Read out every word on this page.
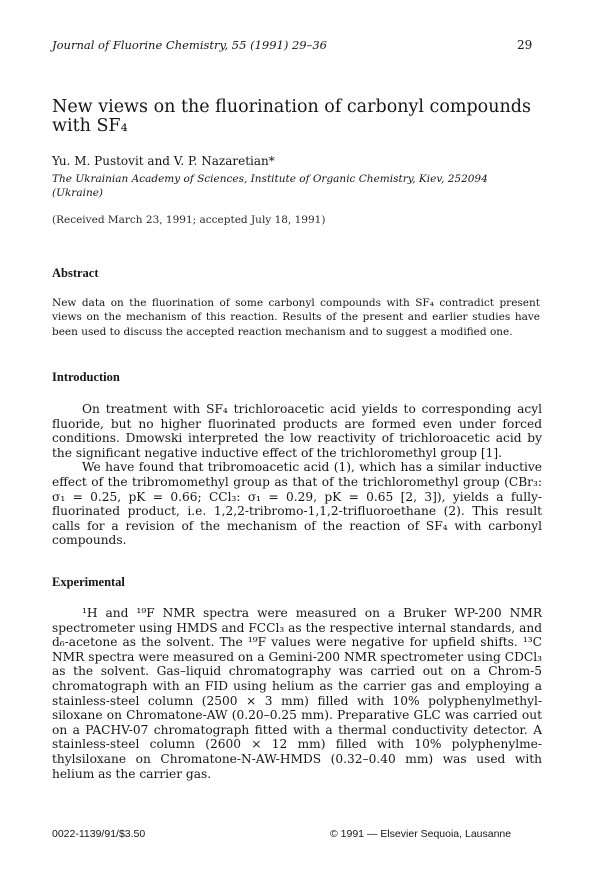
Journal of Fluorine Chemistry, 55 (1991) 29–36	29
New views on the fluorination of carbonyl compounds with SF₄
Yu. M. Pustovit and V. P. Nazaretian*
The Ukrainian Academy of Sciences, Institute of Organic Chemistry, Kiev, 252094 (Ukraine)
(Received March 23, 1991; accepted July 18, 1991)
Abstract
New data on the fluorination of some carbonyl compounds with SF₄ contradict present views on the mechanism of this reaction. Results of the present and earlier studies have been used to discuss the accepted reaction mechanism and to suggest a modified one.
Introduction

On treatment with SF₄ trichloroacetic acid yields to corresponding acyl fluoride, but no higher fluorinated products are formed even under forced conditions. Dmowski interpreted the low reactivity of trichloroacetic acid by the significant negative inductive effect of the trichloromethyl group [1].

We have found that tribromoacetic acid (1), which has a similar inductive effect of the tribromomethyl group as that of the trichloromethyl group (CBr₃: σ₁ = 0.25, pK = 0.66; CCl₃: σ₁ = 0.29, pK = 0.65 [2, 3]), yields a fully-fluorinated product, i.e. 1,2,2-tribromo-1,1,2-trifluoroethane (2). This result calls for a revision of the mechanism of the reaction of SF₄ with carbonyl compounds.

Experimental

¹H and ¹⁹F NMR spectra were measured on a Bruker WP-200 NMR spectrometer using HMDS and FCCl₃ as the respective internal standards, and d₆-acetone as the solvent. The ¹⁹F values were negative for upfield shifts. ¹³C NMR spectra were measured on a Gemini-200 NMR spectrometer using CDCl₃ as the solvent. Gas–liquid chromatography was carried out on a Chrom-5 chromatograph with an FID using helium as the carrier gas and employing a stainless-steel column (2500 × 3 mm) filled with 10% polyphenylmethyl-siloxane on Chromatone-AW (0.20–0.25 mm). Preparative GLC was carried out on a PACHV-07 chromatograph fitted with a thermal conductivity detector. A stainless-steel column (2600 × 12 mm) filled with 10% polyphenylme-thylsiloxane on Chromatone-N-AW-HMDS (0.32–0.40 mm) was used with helium as the carrier gas.

0022-1139/91/$3.50	© 1991 — Elsevier Sequoia, Lausanne
